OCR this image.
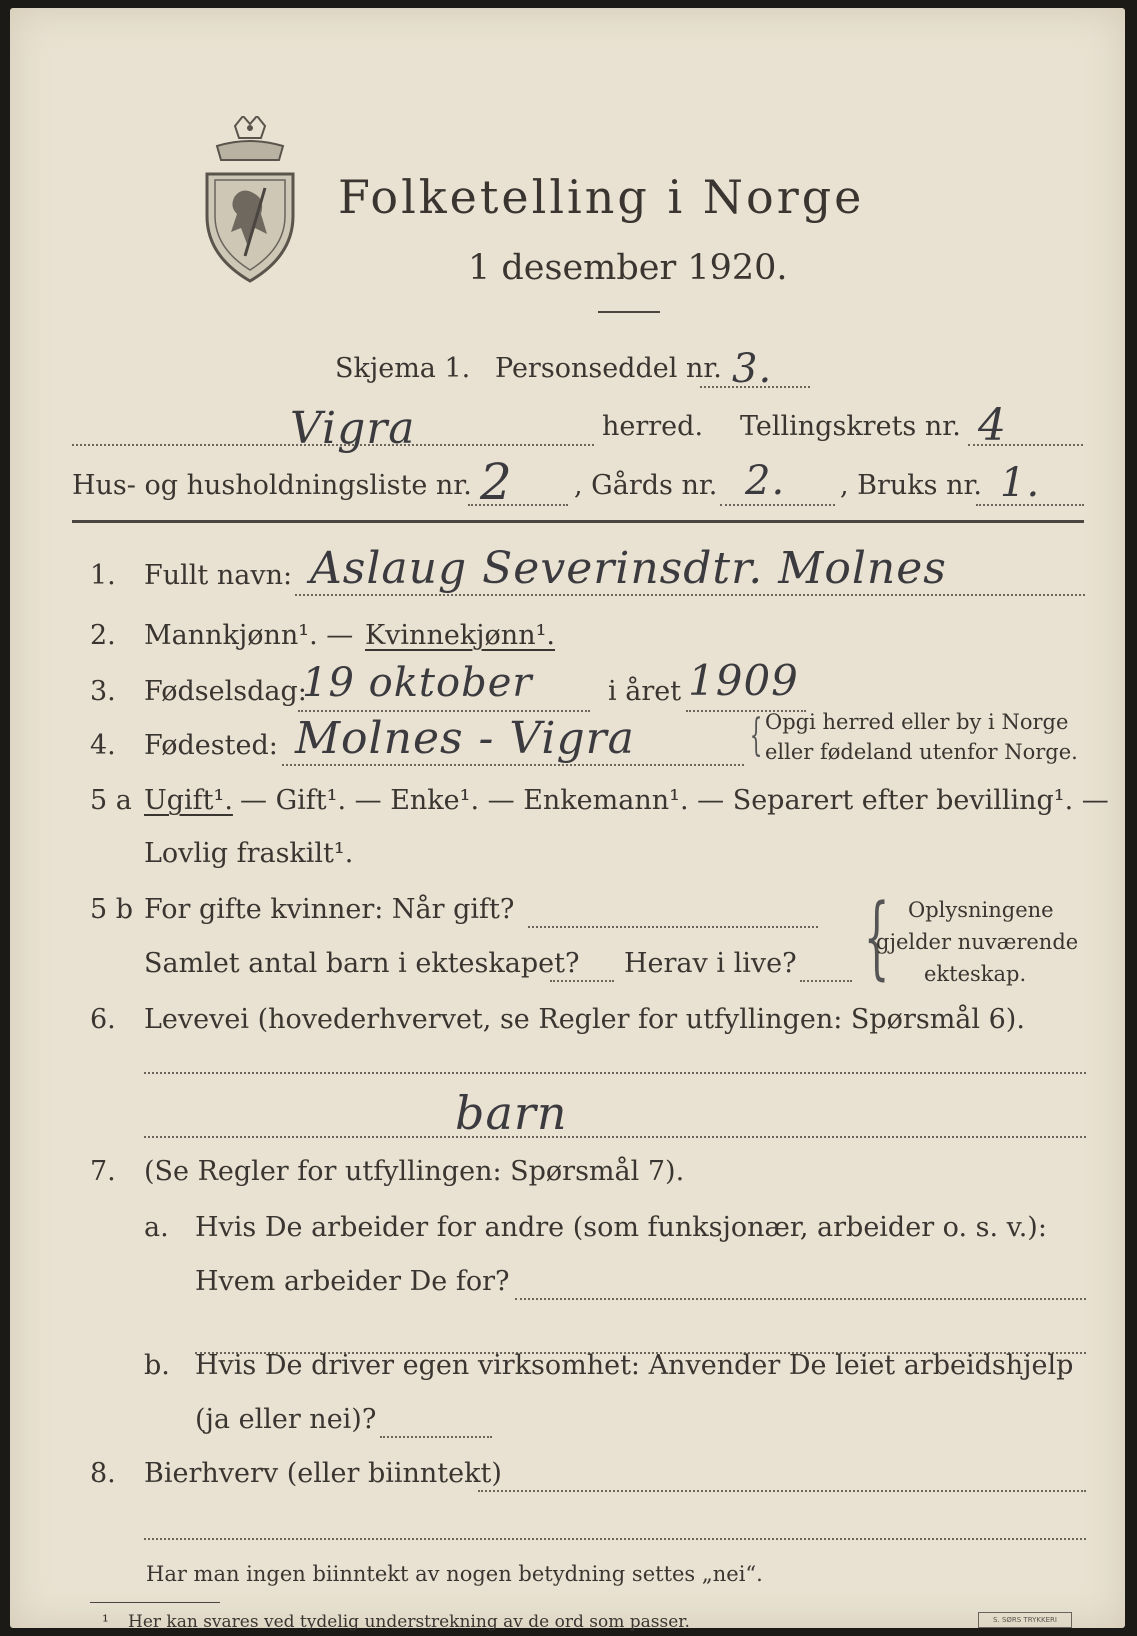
Folketelling i Norge
1 desember 1920.
Skjema 1. Personseddel nr. 3.
Vigra	herred. Tellingskrets nr. 4
Hus- og husholdningsliste nr. 2 , Gårds nr. 2. , Bruks nr. 1.
1. Fullt navn: Aslaug Severinsdtr. Molnes
2. Mannkjønn¹. — Kvinnekjønn¹.
3. Fødselsdag:
19 oktober	i året 1909
4. Fødested: Molnes - Vigra	{ Opgi herred eller by i Norge
eller fødeland utenfor Norge.
5 a Ugift¹. — Gift¹. — Enke¹. — Enkemann¹. — Separert efter bevilling¹. —
Lovlig fraskilt¹.
5 b For gifte kvinner: Når gift?
Samlet antal barn i ekteskapet? Herav i live? { Oplysningene
gjelder nuværende
ekteskap.
6. Levevei (hovederhvervet, se Regler for utfyllingen: Spørsmål 6).
barn
7. (Se Regler for utfyllingen: Spørsmål 7).
a. Hvis De arbeider for andre (som funksjonær, arbeider o. s. v.):
Hvem arbeider De for?
b. Hvis De driver egen virksomhet: Anvender De leiet arbeidshjelp
(ja eller nei)?
8. Bierhverv (eller biinntekt)
Har man ingen biinntekt av nogen betydning settes „nei“.
¹ Her kan svares ved tydelig understrekning av de ord som passer.	S. SØRS TRYKKERI
